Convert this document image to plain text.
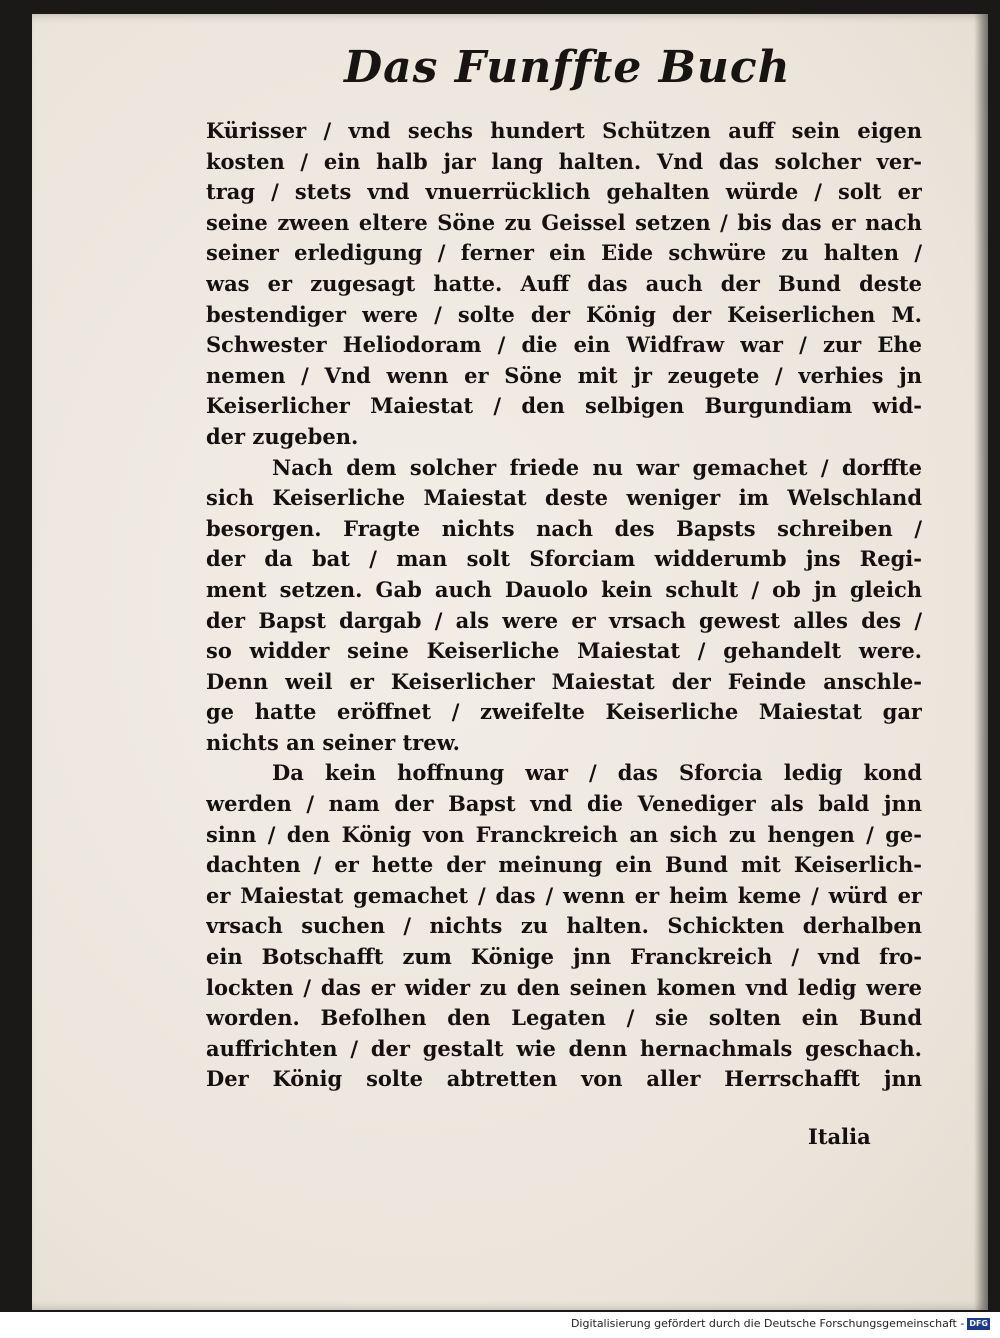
Das Funffte Buch
Kürisser / vnd sechs hundert Schützen auff sein eigen
kosten / ein halb jar lang halten. Vnd das solcher ver-
trag / stets vnd vnuerrücklich gehalten würde / solt er
seine zween eltere Söne zu Geissel setzen / bis das er nach
seiner erledigung / ferner ein Eide schwüre zu halten /
was er zugesagt hatte. Auff das auch der Bund deste
bestendiger were / solte der König der Keiserlichen M.
Schwester Heliodoram / die ein Widfraw war / zur Ehe
nemen / Vnd wenn er Söne mit jr zeugete / verhies jn
Keiserlicher Maiestat / den selbigen Burgundiam wid-
der zugeben.
Nach dem solcher friede nu war gemachet / dorffte
sich Keiserliche Maiestat deste weniger im Welschland
besorgen. Fragte nichts nach des Bapsts schreiben /
der da bat / man solt Sforciam widderumb jns Regi-
ment setzen. Gab auch Dauolo kein schult / ob jn gleich
der Bapst dargab / als were er vrsach gewest alles des /
so widder seine Keiserliche Maiestat / gehandelt were.
Denn weil er Keiserlicher Maiestat der Feinde anschle-
ge hatte eröffnet / zweifelte Keiserliche Maiestat gar
nichts an seiner trew.
Da kein hoffnung war / das Sforcia ledig kond
werden / nam der Bapst vnd die Venediger als bald jnn
sinn / den König von Franckreich an sich zu hengen / ge-
dachten / er hette der meinung ein Bund mit Keiserlich-
er Maiestat gemachet / das / wenn er heim keme / würd er
vrsach suchen / nichts zu halten. Schickten derhalben
ein Botschafft zum Könige jnn Franckreich / vnd fro-
lockten / das er wider zu den seinen komen vnd ledig were
worden. Befolhen den Legaten / sie solten ein Bund
auffrichten / der gestalt wie denn hernachmals geschach.
Der König solte abtretten von aller Herrschafft jnn
Italia
Digitalisierung gefördert durch die Deutsche Forschungsgemeinschaft - DFG
